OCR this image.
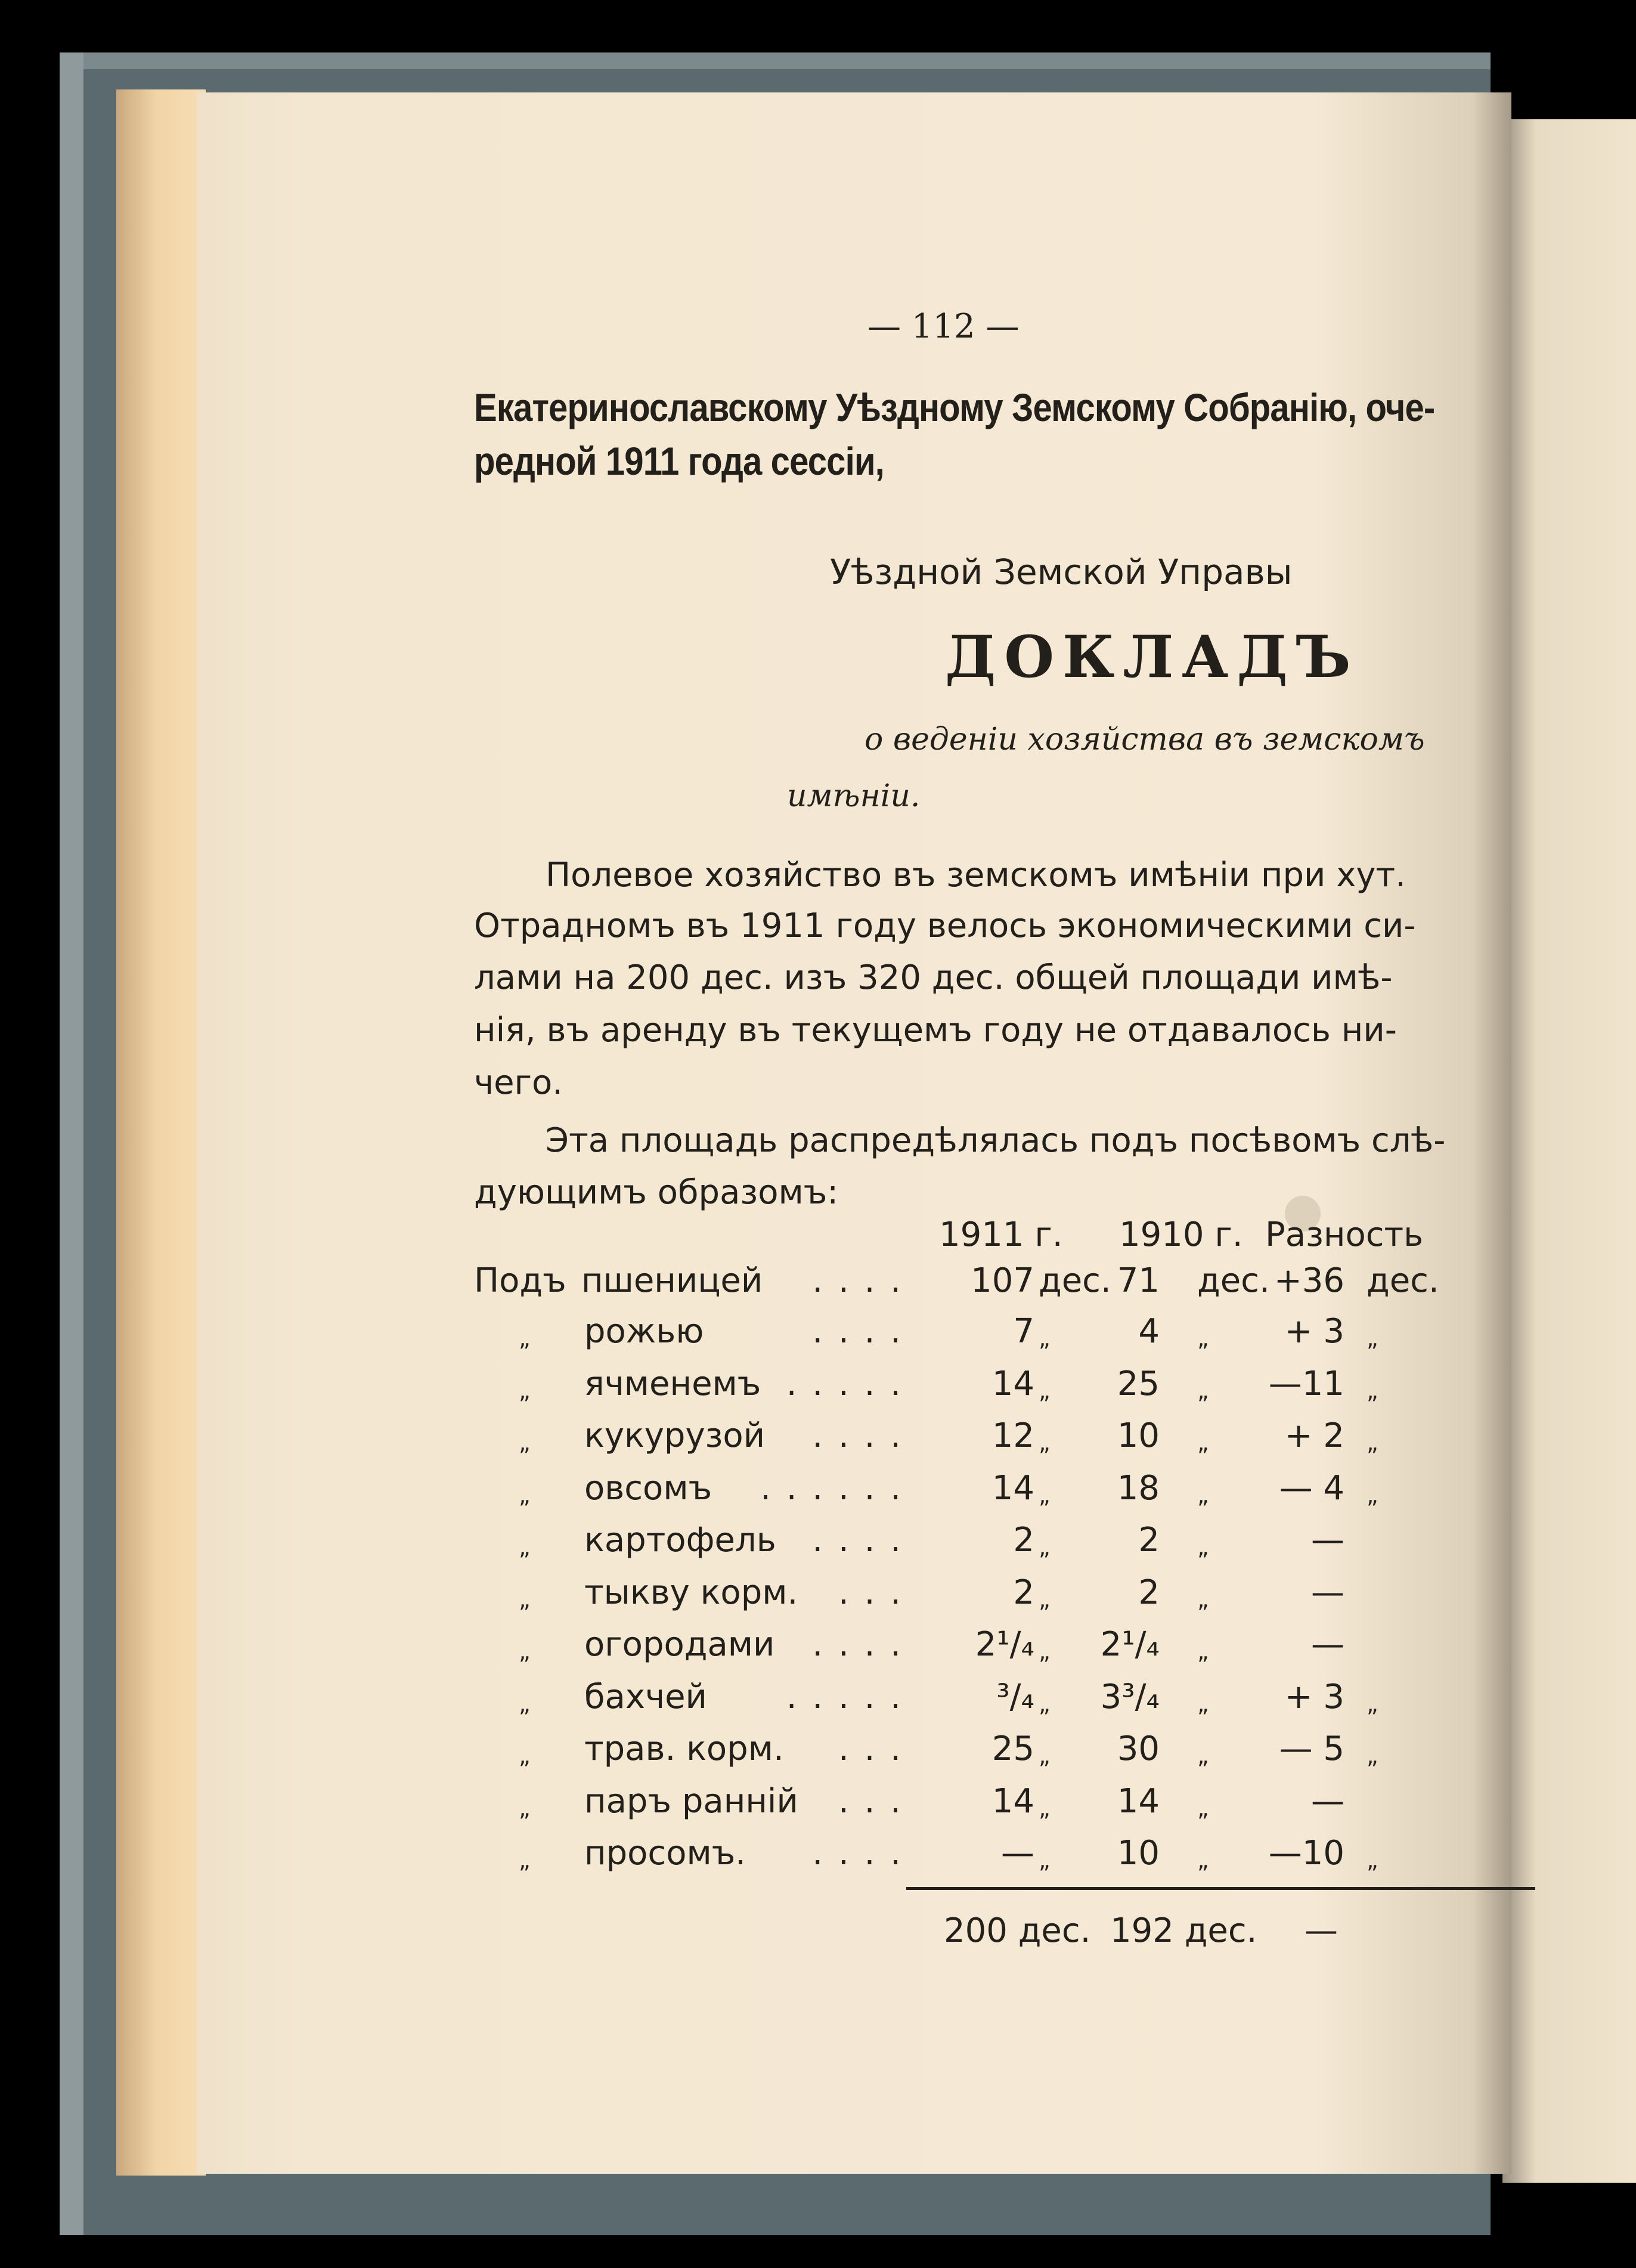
— 112 —
Екатеринославскому Уѣздному Земскому Собранію, оче-
редной 1911 года сессіи,
Уѣздной Земской Управы
ДОКЛАДЪ
о веденіи хозяйства въ земскомъ
имѣніи.
Полевое хозяйство въ земскомъ имѣніи при хут.
Отрадномъ въ 1911 году велось экономическими си-
лами на 200 дес. изъ 320 дес. общей площади имѣ-
нія, въ аренду въ текущемъ году не отдавалось ни-
чего.
Эта площадь распредѣлялась подъ посѣвомъ слѣ-
дующимъ образомъ:
1911 г. 1910 г. Разность
Подъ пшеницей . . . . 107 дес. 71 дес. +36 дес.
„ рожью	. . . .	7 „	4 „ + 3 „
„ ячменемъ . . . . .	14 „ 25 „ —11 „
„ кукурузой . . . .	12 „ 10 „ + 2 „
„ овсомъ . . . . . .	14 „ 18 „ — 4 „
„ картофель . . . .	2 „	2 „	—
„ тыкву корм. . . .	2 „	2 „	—
„ огородами . . . . 2¹/₄ „ 2¹/₄ „	—
„ бахчей . . . . .	³/₄ „ 3³/₄ „ + 3 „
„ трав. корм. . . .	25 „ 30 „ — 5 „
„ паръ ранній . . .	14 „ 14 „	—
„ просомъ. . . . .	— „ 10 „ —10 „
200 дес. 192 дес. —
